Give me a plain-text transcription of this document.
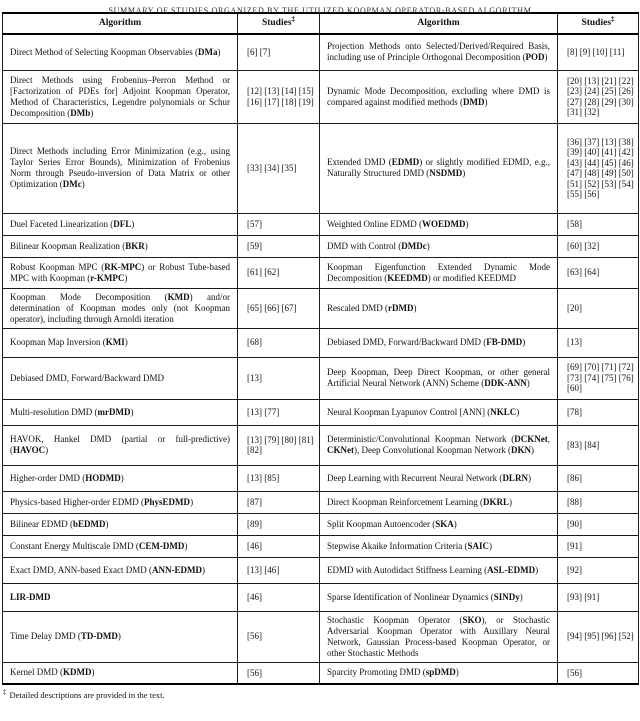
SUMMARY OF STUDIES ORGANIZED BY THE UTILIZED KOOPMAN OPERATOR-BASED ALGORITHM
Algorithm	Studies‡	Algorithm	Studies‡
Direct Method of Selecting Koopman Observables (DMa)	[6] [7]	Projection Methods onto Selected/Derived/Required Basis, including use of Principle Orthogonal Decomposition (POD)	[8] [9] [10] [11]
Direct Methods using Frobenius–Perron Method or [Factorization of PDEs for] Adjoint Koopman Operator, Method of Characteristics, Legendre polynomials or Schur Decomposition (DMb)	[12] [13] [14] [15] [16] [17] [18] [19]	Dynamic Mode Decomposition, excluding where DMD is compared against modified methods (DMD)	[20] [13] [21] [22] [23] [24] [25] [26] [27] [28] [29] [30] [31] [32]
Direct Methods including Error Minimization (e.g., using Taylor Series Error Bounds), Minimization of Frobenius Norm through Pseudo-inversion of Data Matrix or other Optimization (DMc)	[33] [34] [35]	Extended DMD (EDMD) or slightly modified EDMD, e.g., Naturally Structured DMD (NSDMD)	[36] [37] [13] [38] [39] [40] [41] [42] [43] [44] [45] [46] [47] [48] [49] [50] [51] [52] [53] [54] [55] [56]
Duel Faceted Linearization (DFL)	[57]	Weighted Online EDMD (WOEDMD)	[58]
Bilinear Koopman Realization (BKR)	[59]	DMD with Control (DMDc)	[60] [32]
Robust Koopman MPC (RK-MPC) or Robust Tube-based MPC with Koopman (r-KMPC)	[61] [62]	Koopman Eigenfunction Extended Dynamic Mode Decomposition (KEEDMD) or modified KEEDMD	[63] [64]
Koopman Mode Decomposition (KMD) and/or determination of Koopman modes only (not Koopman operator), including through Arnoldi iteration	[65] [66] [67]	Rescaled DMD (rDMD)	[20]
Koopman Map Inversion (KMI)	[68]	Debiased DMD, Forward/Backward DMD (FB-DMD)	[13]
Debiased DMD, Forward/Backward DMD	[13]	Deep Koopman, Deep Direct Koopman, or other general Artificial Neural Network (ANN) Scheme (DDK-ANN)	[69] [70] [71] [72] [73] [74] [75] [76] [60]
Multi-resolution DMD (mrDMD)	[13] [77]	Neural Koopman Lyapunov Control [ANN] (NKLC)	[78]
HAVOK, Hankel DMD (partial or full-predictive) (HAVOC)	[13] [79] [80] [81] [82]	Deterministic/Convolutional Koopman Network (DCKNet, CKNet), Deep Convolutional Koopman Network (DKN)	[83] [84]
Higher-order DMD (HODMD)	[13] [85]	Deep Learning with Recurrent Neural Network (DLRN)	[86]
Physics-based Higher-order EDMD (PhysEDMD)	[87]	Direct Koopman Reinforcement Learning (DKRL)	[88]
Bilinear EDMD (bEDMD)	[89]	Split Koopman Autoencoder (SKA)	[90]
Constant Energy Multiscale DMD (CEM-DMD)	[46]	Stepwise Akaike Information Criteria (SAIC)	[91]
Exact DMD, ANN-based Exact DMD (ANN-EDMD)	[13] [46]	EDMD with Autodidact Stiffness Learning (ASL-EDMD)	[92]
LIR-DMD	[46]	Sparse Identification of Nonlinear Dynamics (SINDy)	[93] [91]
Time Delay DMD (TD-DMD)	[56]	Stochastic Koopman Operator (SKO), or Stochastic Adversarial Koopman Operator with Auxillary Neural Network, Gaussian Process-based Koopman Operator, or other Stochastic Methods	[94] [95] [96] [52]
Kernel DMD (KDMD)	[56]	Sparcity Promoting DMD (spDMD)	[56]
‡ Detailed descriptions are provided in the text.
